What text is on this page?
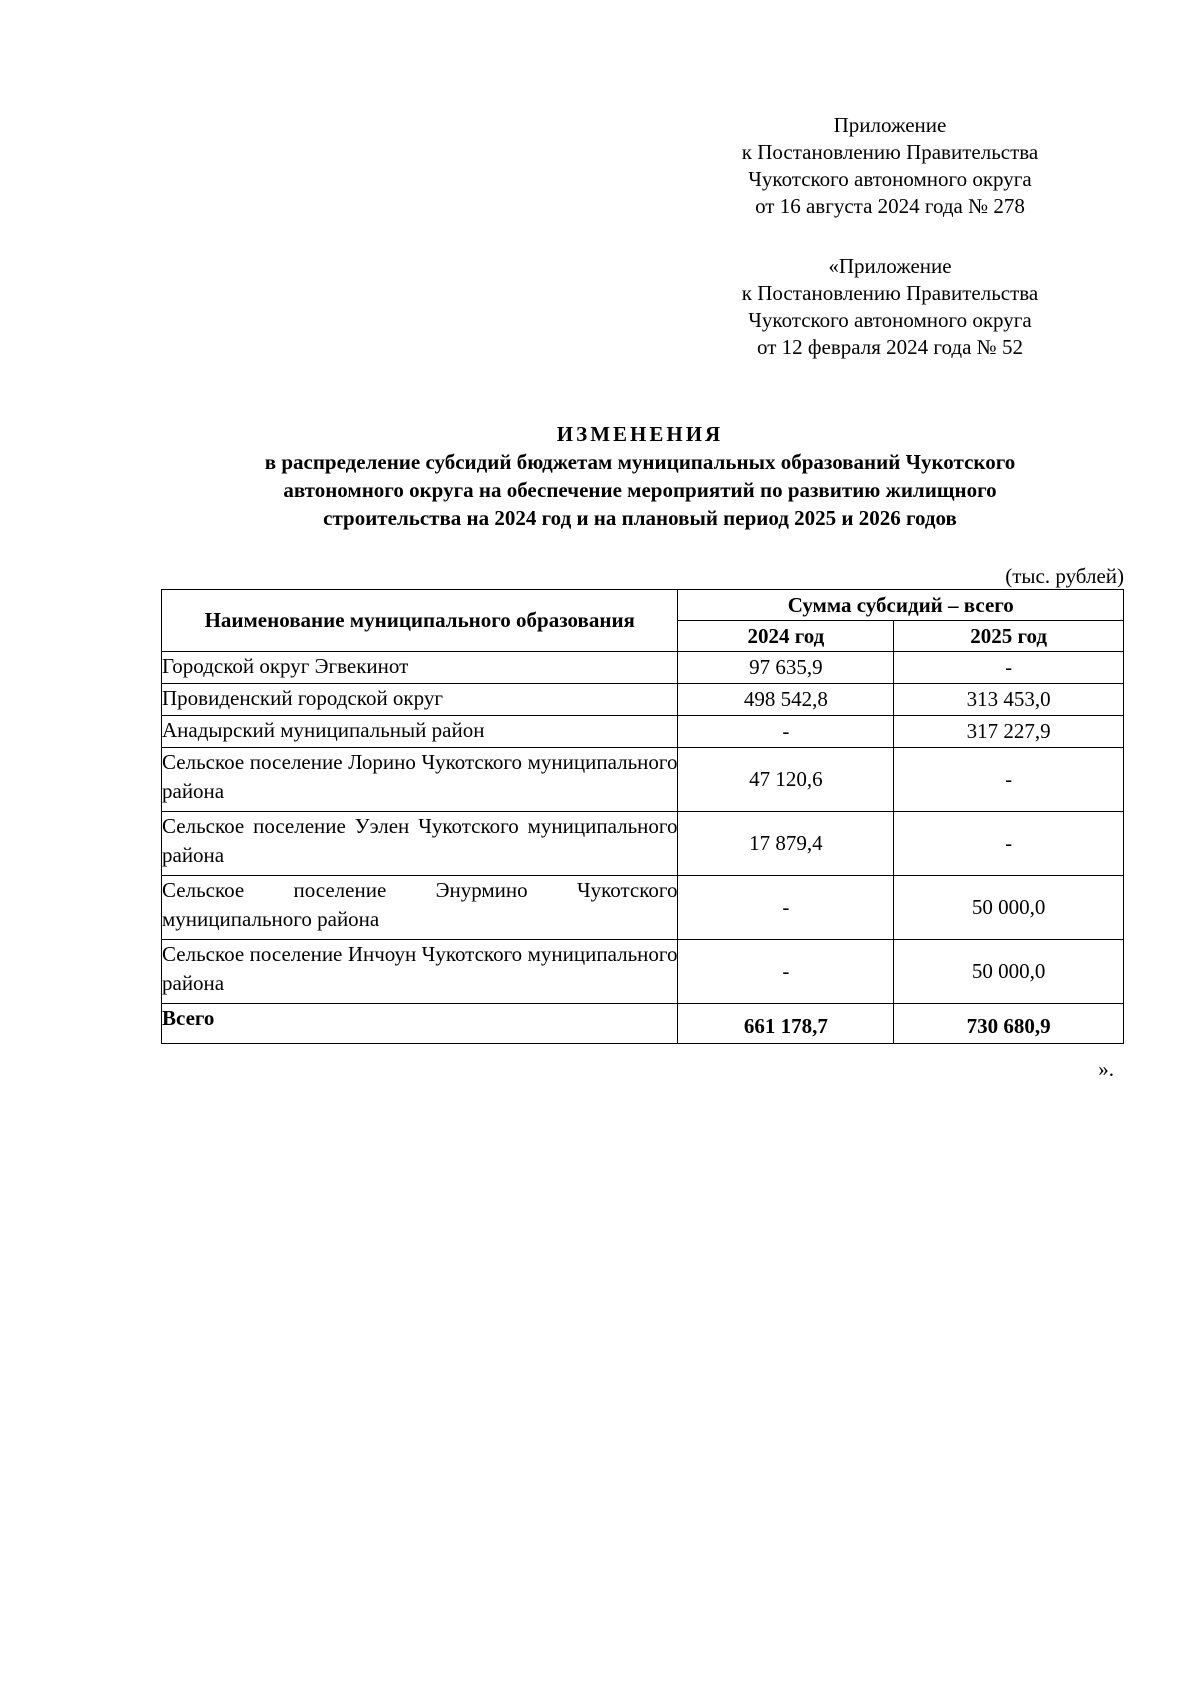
Приложение
к Постановлению Правительства
Чукотского автономного округа
от 16 августа 2024 года № 278
«Приложение
к Постановлению Правительства
Чукотского автономного округа
от 12 февраля 2024 года № 52
ИЗМЕНЕНИЯ
в распределение субсидий бюджетам муниципальных образований Чукотского
автономного округа на обеспечение мероприятий по развитию жилищного
строительства на 2024 год и на плановый период 2025 и 2026 годов
(тыс. рублей)
Наименование муниципального образования	Сумма субсидий – всего	
	2024 год	2025 год
Городской округ Эгвекинот	97 635,9	-
Провиденский городской округ	498 542,8	313 453,0
Анадырский муниципальный район	-	317 227,9
Сельское поселение Лорино Чукотского муниципального района	47 120,6	-
Сельское поселение Уэлен Чукотского муниципального района	17 879,4	-
Сельское поселение Энурмино Чукотского муниципального района	-	50 000,0
Сельское поселение Инчоун Чукотского муниципального района	-	50 000,0
Всего	661 178,7	730 680,9
».
